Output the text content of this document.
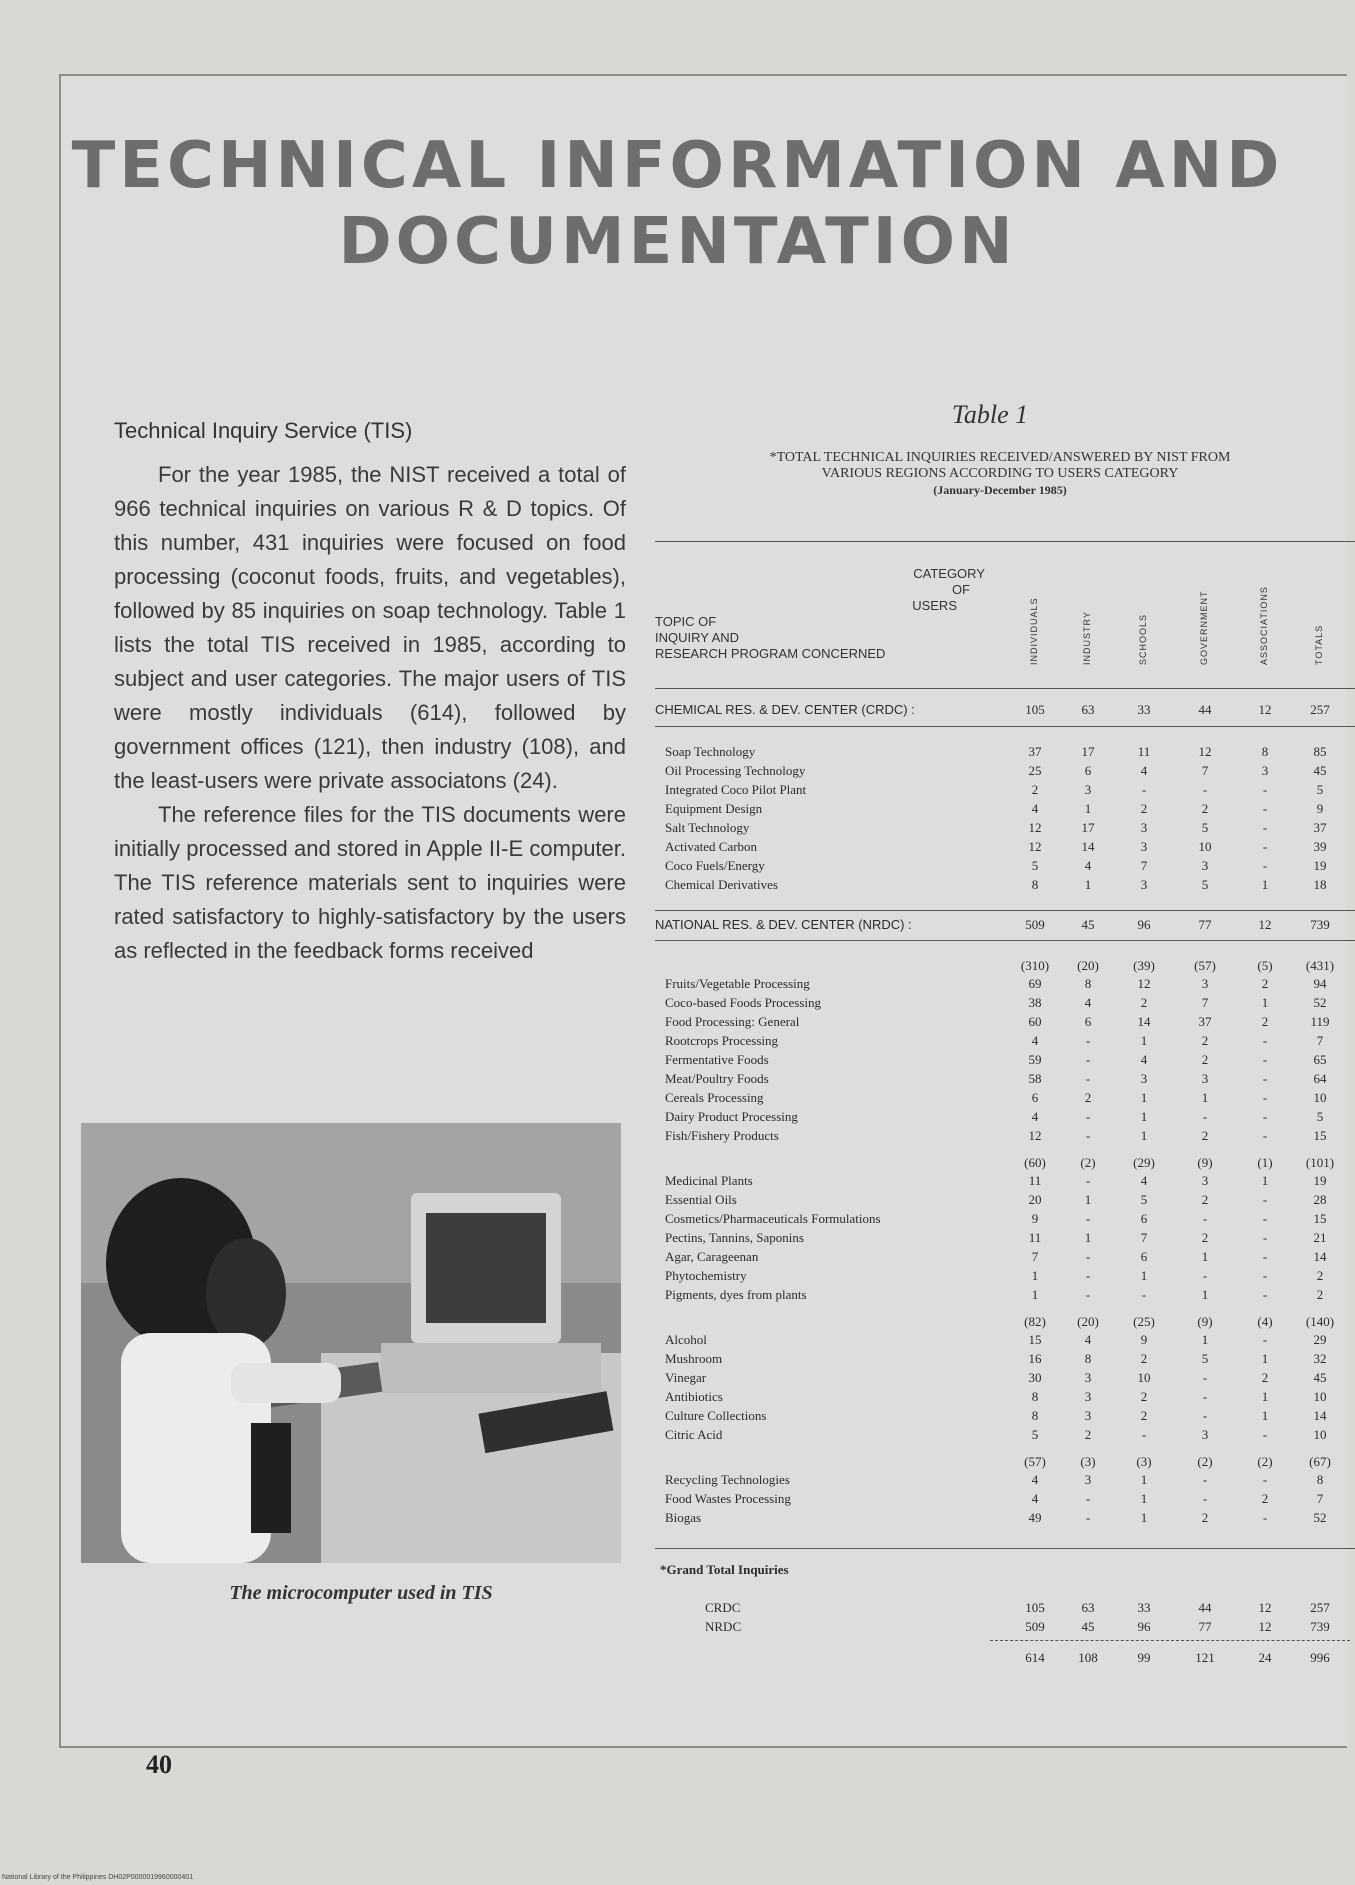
TECHNICAL INFORMATION AND
DOCUMENTATION
Technical Inquiry Service (TIS)

For the year 1985, the NIST received a total of 966 technical inquiries on various R & D topics. Of this number, 431 inquiries were focused on food processing (coconut foods, fruits, and vegetables), followed by 85 inquiries on soap technology. Table 1 lists the total TIS received in 1985, according to subject and user categories. The major users of TIS were mostly individuals (614), followed by government offices (121), then industry (108), and the least-users were private associatons (24).

The reference files for the TIS documents were initially processed and stored in Apple II-E computer. The TIS reference materials sent to inquiries were rated satisfactory to highly-satisfactory by the users as reflected in the feedback forms received

The microcomputer used in TIS
Table 1
*TOTAL TECHNICAL INQUIRIES RECEIVED/ANSWERED BY NIST FROM
VARIOUS REGIONS ACCORDING TO USERS CATEGORY
(January-December 1985)
CATEGORY
OF
USERS
TOPIC OF
INQUIRY AND
RESEARCH PROGRAM CONCERNED	INDIVIDUALS	INDUSTRY	SCHOOLS	GOVERNMENT	ASSOCIATIONS	TOTALS
CHEMICAL RES. & DEV. CENTER (CRDC) :	105	63	33	44	12	257
Soap Technology	37	17	11	12	8	85
Oil Processing Technology	25	6	4	7	3	45
Integrated Coco Pilot Plant	2	3	-	-	-	5
Equipment Design	4	1	2	2	-	9
Salt Technology	12	17	3	5	-	37
Activated Carbon	12	14	3	10	-	39
Coco Fuels/Energy	5	4	7	3	-	19
Chemical Derivatives	8	1	3	5	1	18
NATIONAL RES. & DEV. CENTER (NRDC) :	509	45	96	77	12	739
(310)	(20)	(39)	(57)	(5)	(431)
Fruits/Vegetable Processing	69	8	12	3	2	94
Coco-based Foods Processing	38	4	2	7	1	52
Food Processing: General	60	6	14	37	2	119
Rootcrops Processing	4	-	1	2	-	7
Fermentative Foods	59	-	4	2	-	65
Meat/Poultry Foods	58	-	3	3	-	64
Cereals Processing	6	2	1	1	-	10
Dairy Product Processing	4	-	1	-	-	5
Fish/Fishery Products	12	-	1	2	-	15
(60)	(2)	(29)	(9)	(1)	(101)
Medicinal Plants	11	-	4	3	1	19
Essential Oils	20	1	5	2	-	28
Cosmetics/Pharmaceuticals Formulations	9	-	6	-	-	15
Pectins, Tannins, Saponins	11	1	7	2	-	21
Agar, Carageenan	7	-	6	1	-	14
Phytochemistry	1	-	1	-	-	2
Pigments, dyes from plants	1	-	-	1	-	2
(82)	(20)	(25)	(9)	(4)	(140)
Alcohol	15	4	9	1	-	29
Mushroom	16	8	2	5	1	32
Vinegar	30	3	10	-	2	45
Antibiotics	8	3	2	-	1	10
Culture Collections	8	3	2	-	1	14
Citric Acid	5	2	-	3	-	10
(57)	(3)	(3)	(2)	(2)	(67)
Recycling Technologies	4	3	1	-	-	8
Food Wastes Processing	4	-	1	-	2	7
Biogas	49	-	1	2	-	52
*Grand Total Inquiries
CRDC	105	63	33	44	12	257
NRDC	509	45	96	77	12	739
614	108	99	121	24	996
40
National Library of the Philippines DH02P0000019960000401
